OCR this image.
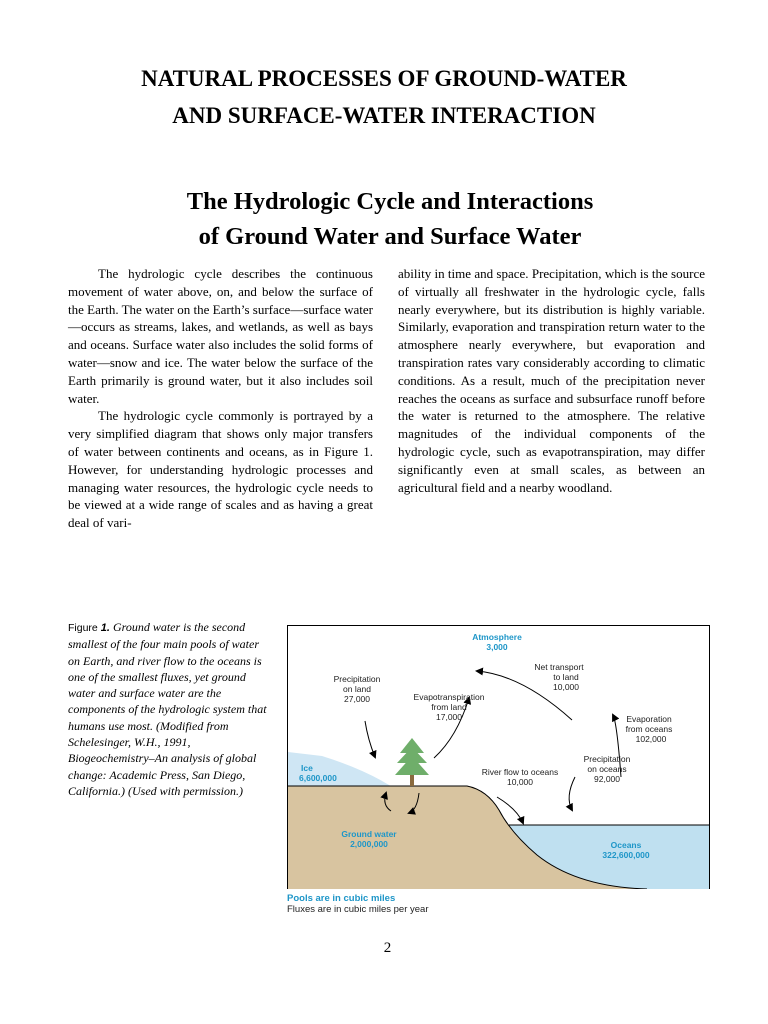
NATURAL PROCESSES OF GROUND-WATER
AND SURFACE-WATER INTERACTION
The Hydrologic Cycle and Interactions
of Ground Water and Surface Water

The hydrologic cycle describes the continuous movement of water above, on, and below the surface of the Earth. The water on the Earth’s surface—surface water—occurs as streams, lakes, and wetlands, as well as bays and oceans. Surface water also includes the solid forms of water—snow and ice. The water below the surface of the Earth primarily is ground water, but it also includes soil water.

The hydrologic cycle commonly is portrayed by a very simplified diagram that shows only major transfers of water between continents and oceans, as in Figure 1. However, for understanding hydrologic processes and managing water resources, the hydrologic cycle needs to be viewed at a wide range of scales and as having a great deal of vari-

ability in time and space. Precipitation, which is the source of virtually all freshwater in the hydrologic cycle, falls nearly everywhere, but its distribution is highly variable. Similarly, evaporation and transpiration return water to the atmosphere nearly everywhere, but evaporation and transpiration rates vary considerably according to climatic conditions. As a result, much of the precipitation never reaches the oceans as surface and subsurface runoff before the water is returned to the atmosphere. The relative magnitudes of the individual components of the hydrologic cycle, such as evapotranspiration, may differ significantly even at small scales, as between an agricultural field and a nearby woodland.

Figure 1. Ground water is the second smallest of the four main pools of water on Earth, and river flow to the oceans is one of the smallest fluxes, yet ground water and surface water are the components of the hydrologic system that humans use most. (Modified from Schelesinger, W.H., 1991, Biogeochemistry–An analysis of global change: Academic Press, San Diego, California.) (Used with permission.)
Atmosphere
3,000
Ice
6,600,000
Ground water
2,000,000	Oceans
322,600,000
Precipitation
on land
27,000	Evapotranspiration
from land
17,000
Net transport
to land
10,000
Evaporation
from oceans
102,000
Precipitation
on oceans
92,000
River flow to oceans
10,000
Pools are in cubic miles
Fluxes are in cubic miles per year
2
